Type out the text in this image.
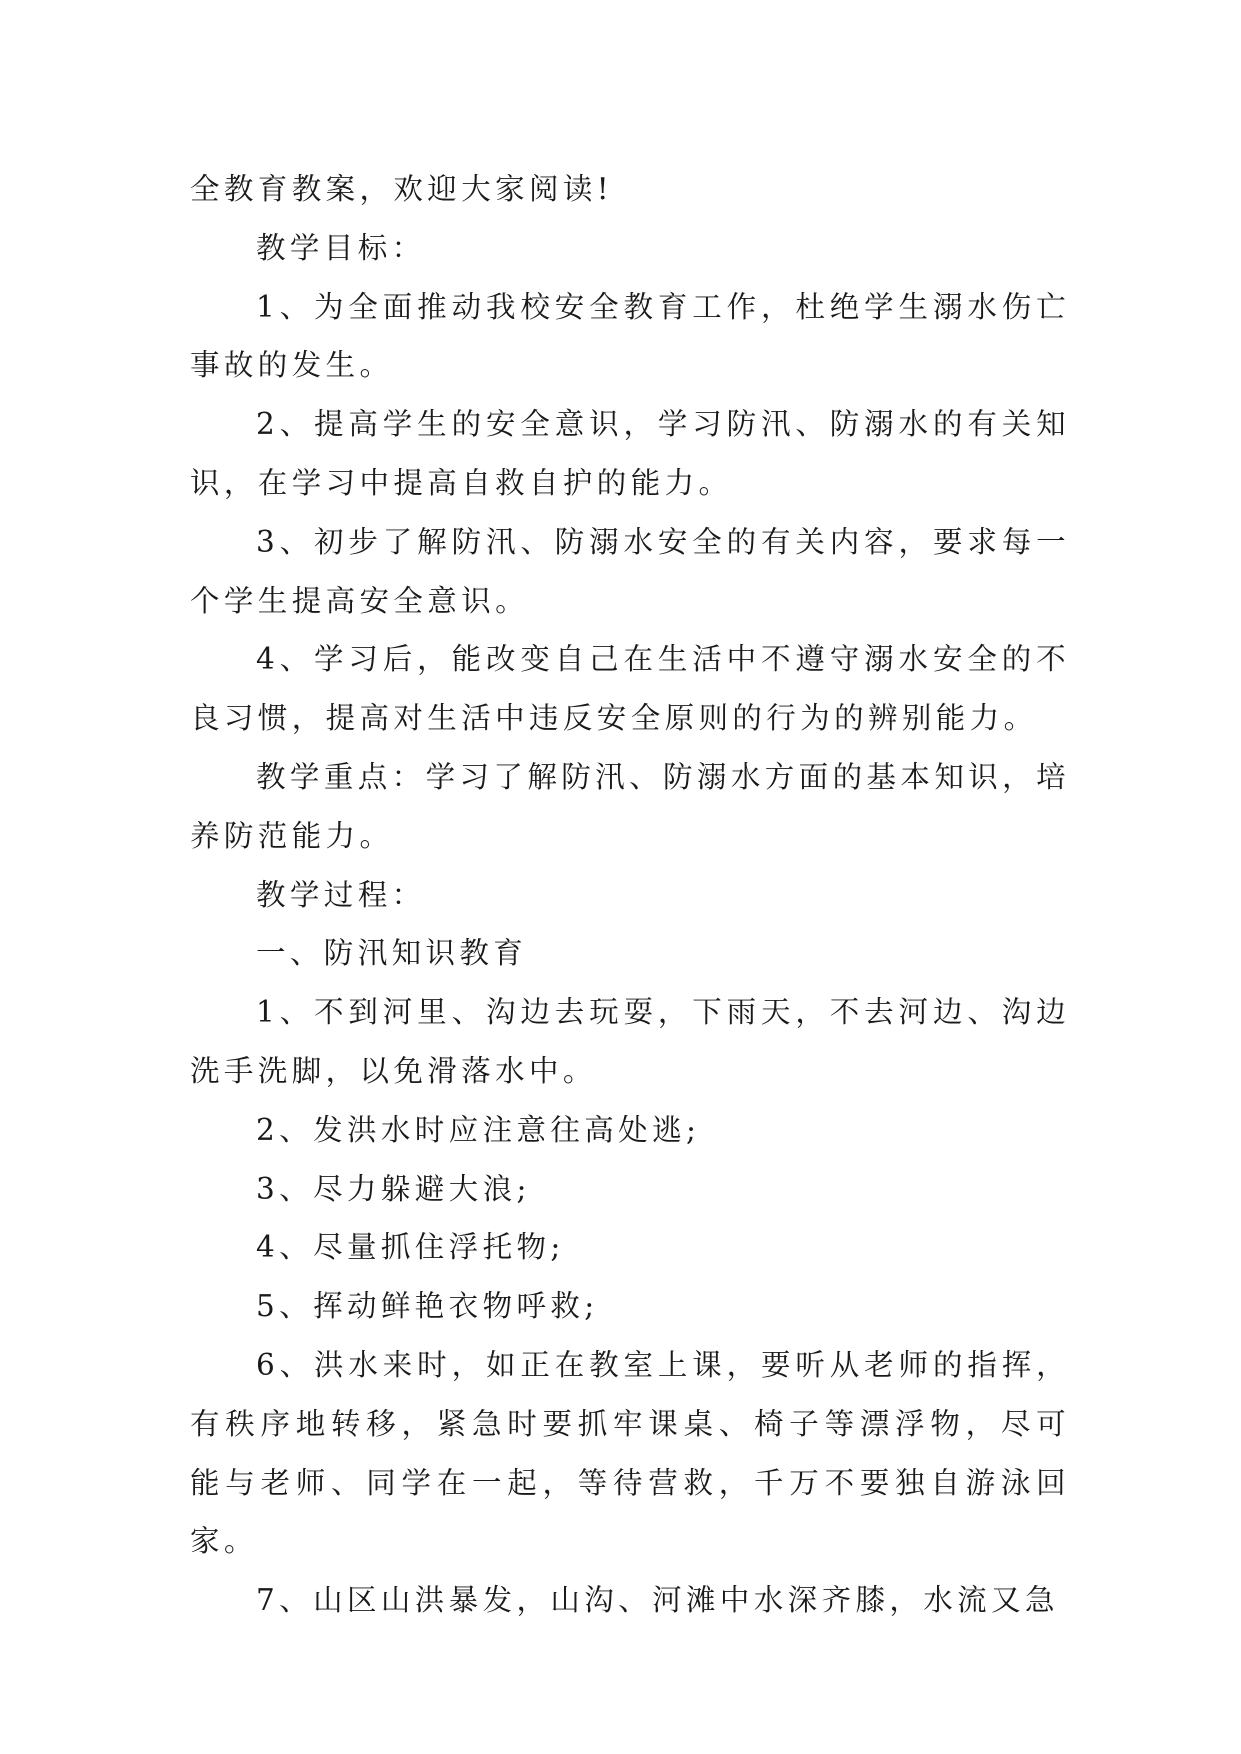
全教育教案，欢迎大家阅读!

教学目标：

1、为全面推动我校安全教育工作，杜绝学生溺水伤亡事故的发生。

2、提高学生的安全意识，学习防汛、防溺水的有关知识，在学习中提高自救自护的能力。

3、初步了解防汛、防溺水安全的有关内容，要求每一个学生提高安全意识。

4、学习后，能改变自己在生活中不遵守溺水安全的不良习惯，提高对生活中违反安全原则的行为的辨别能力。

教学重点：学习了解防汛、防溺水方面的基本知识，培养防范能力。

教学过程：

一、防汛知识教育

1、不到河里、沟边去玩耍，下雨天，不去河边、沟边洗手洗脚，以免滑落水中。

2、发洪水时应注意往高处逃;

3、尽力躲避大浪;

4、尽量抓住浮托物;

5、挥动鲜艳衣物呼救;

6、洪水来时，如正在教室上课，要听从老师的指挥，有秩序地转移，紧急时要抓牢课桌、椅子等漂浮物，尽可能与老师、同学在一起，等待营救，千万不要独自游泳回家。

7、山区山洪暴发，山沟、河滩中水深齐膝，水流又急
